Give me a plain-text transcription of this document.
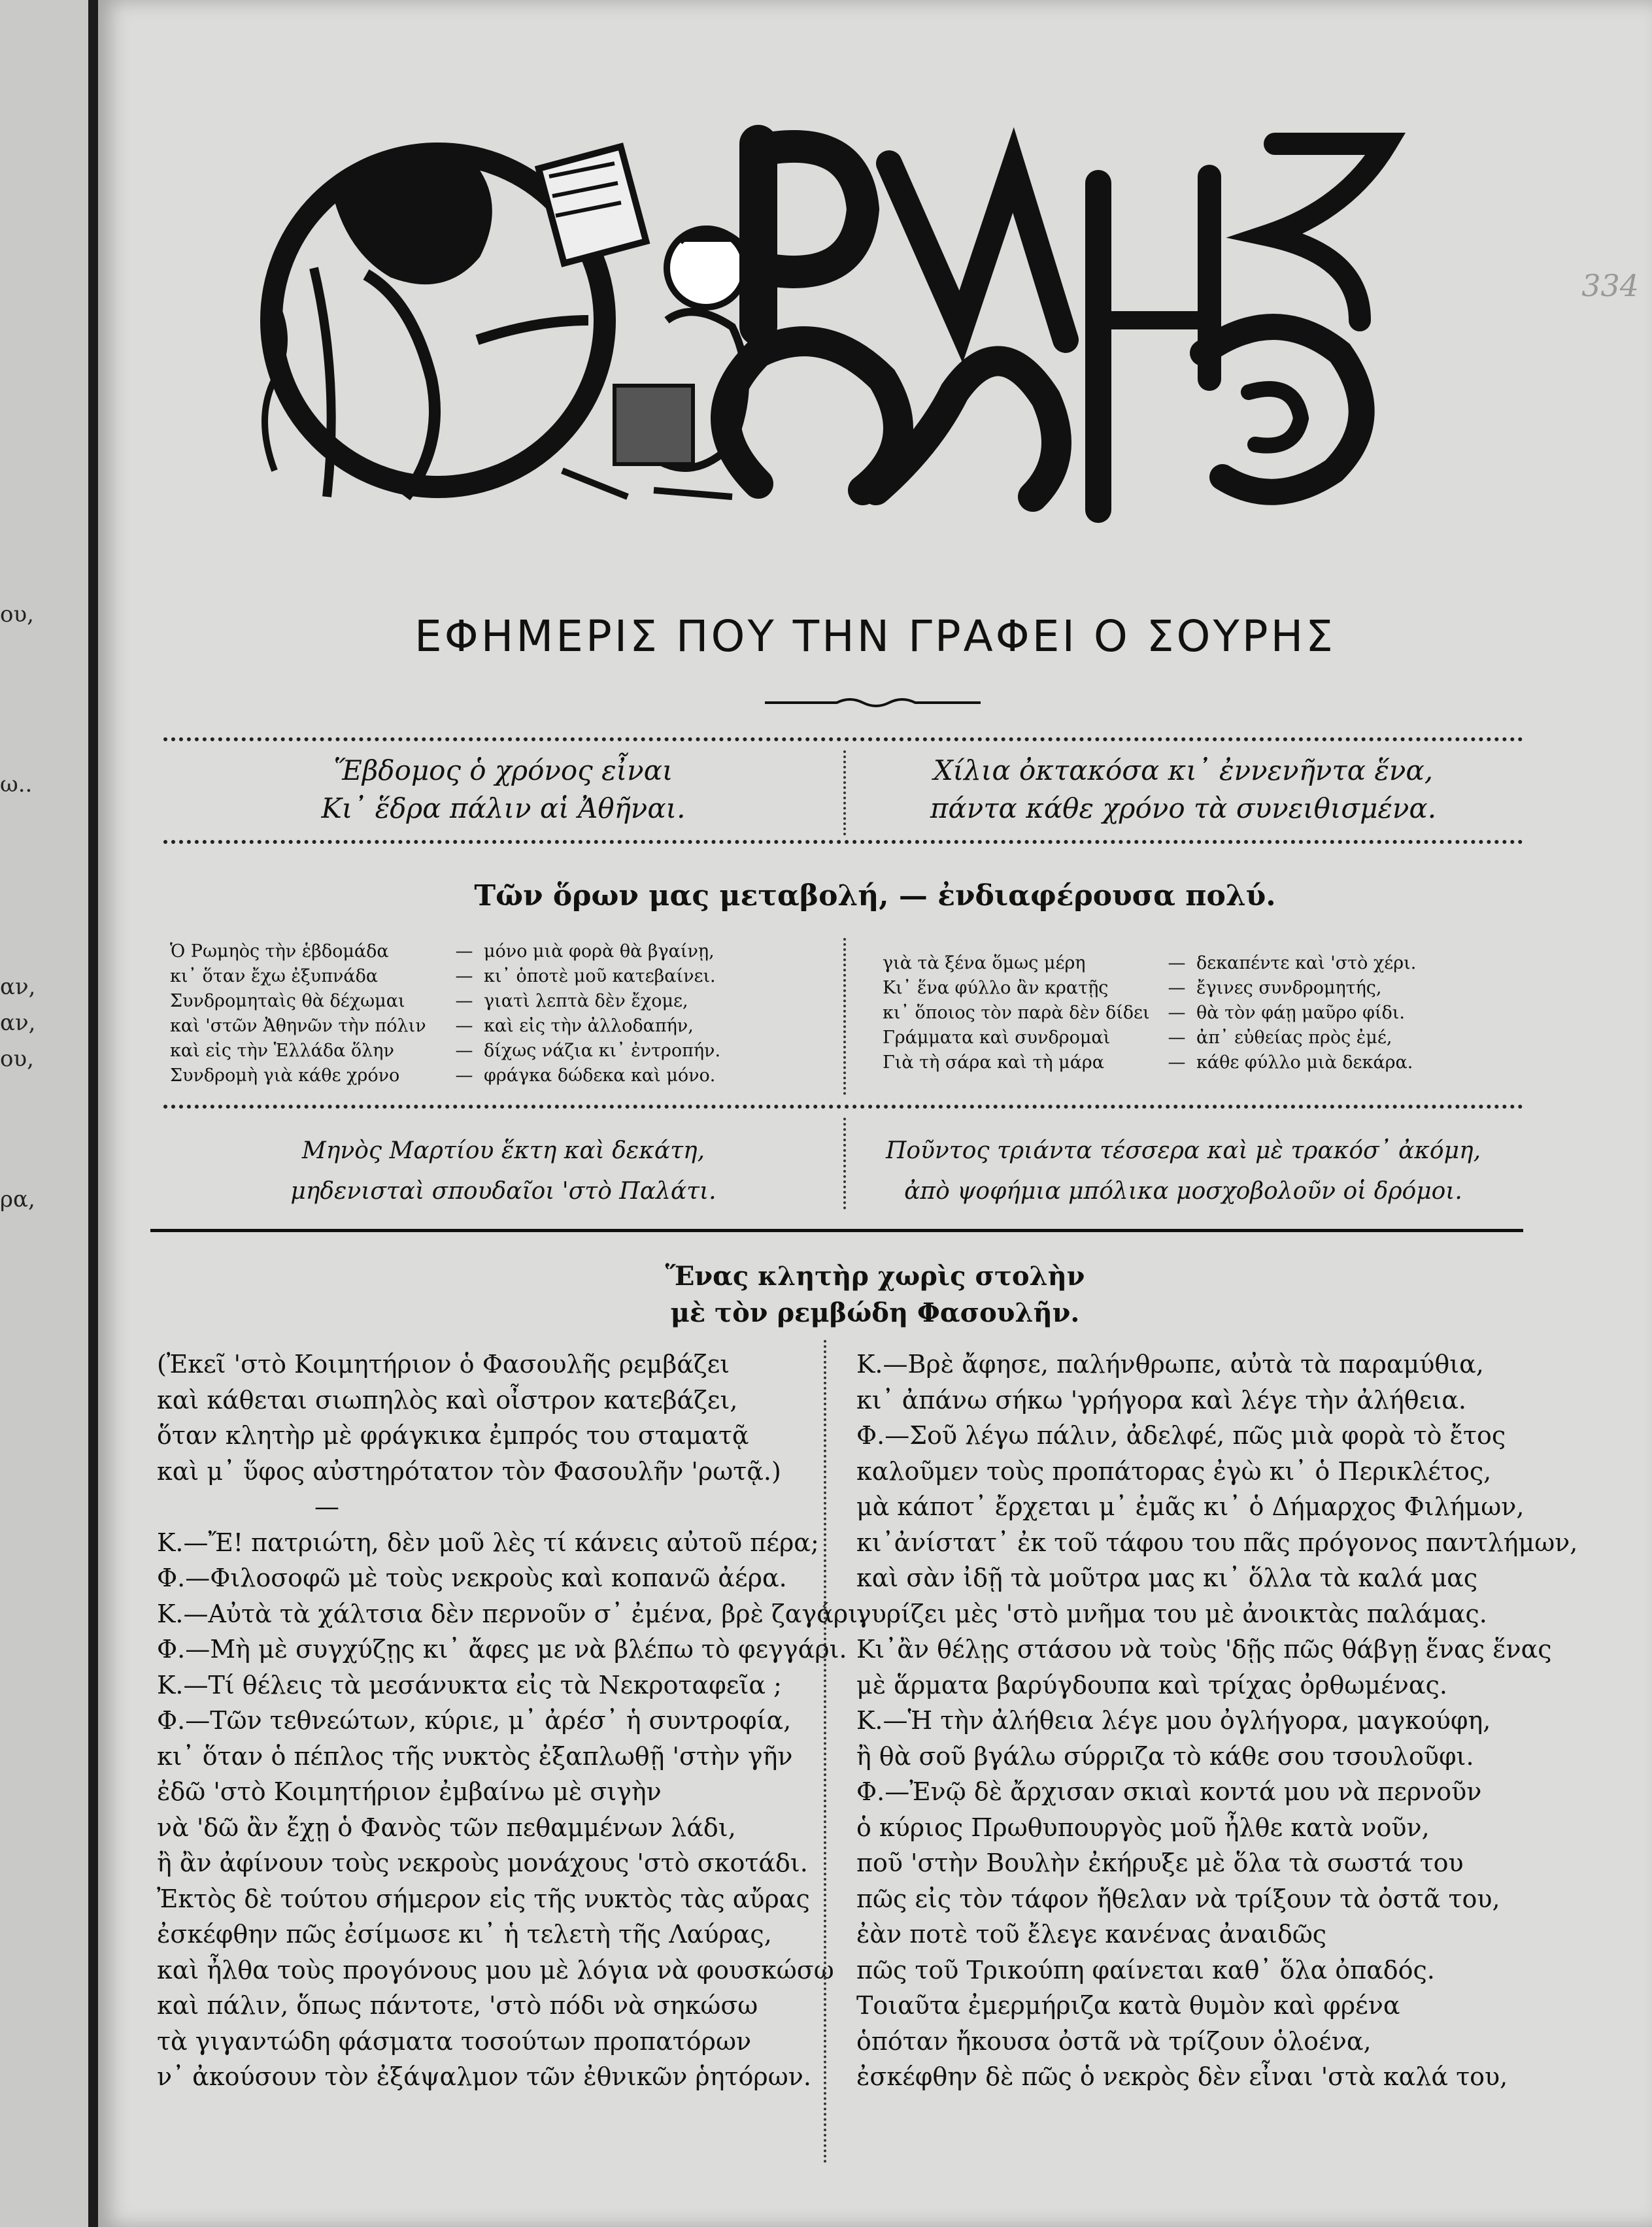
ου,
ω..
αν,
αν,
ου,
ρα,
334
ΕΦΗΜΕΡΙΣ ΠΟΥ ΤΗΝ ΓΡΑΦΕΙ Ο ΣΟΥΡΗΣ
Ἕβδομος ὁ χρόνος εἶναι
Κι᾽ ἕδρα πάλιν αἱ Ἀθῆναι.
Χίλια ὀκτακόσα κι᾽ ἐννενῆντα ἕνα,
πάντα κάθε χρόνο τὰ συνειθισμένα.
Τῶν ὅρων μας μεταβολή, — ἐνδιαφέρουσα πολύ.
Ὁ Ρωμηὸς τὴν ἑβδομάδα	— μόνο μιὰ φορὰ θὰ βγαίνῃ,
κι᾽ ὅταν ἔχω ἐξυπνάδα	— κι᾽ ὁποτὲ μοῦ κατεβαίνει.
Συνδρομηταὶς θὰ δέχωμαι	— γιατὶ λεπτὰ δὲν ἔχομε,
καὶ 'στῶν Ἀθηνῶν τὴν πόλιν	— καὶ εἰς τὴν ἀλλοδαπήν,
καὶ εἰς τὴν Ἑλλάδα ὅλην	— δίχως νάζια κι᾽ ἐντροπήν.
Συνδρομὴ γιὰ κάθε χρόνο	— φράγκα δώδεκα καὶ μόνο.
γιὰ τὰ ξένα ὅμως μέρη	— δεκαπέντε καὶ 'στὸ χέρι.
Κι᾽ ἕνα φύλλο ἂν κρατῇς	— ἔγινες συνδρομητής,
κι᾽ ὅποιος τὸν παρὰ δὲν δίδει	— θὰ τὸν φάῃ μαῦρο φίδι.
Γράμματα καὶ συνδρομαὶ	— ἀπ᾽ εὐθείας πρὸς ἐμέ,
Γιὰ τὴ σάρα καὶ τὴ μάρα	— κάθε φύλλο μιὰ δεκάρα.
Μηνὸς Μαρτίου ἕκτη καὶ δεκάτη,
μηδενισταὶ σπουδαῖοι 'στὸ Παλάτι.
Ποῦντος τριάντα τέσσερα καὶ μὲ τρακόσ᾽ ἀκόμη,
ἀπὸ ψοφήμια μπόλικα μοσχοβολοῦν οἱ δρόμοι.
Ἕνας κλητὴρ χωρὶς στολὴν
μὲ τὸν ρεμβώδη Φασουλῆν.
(Ἐκεῖ 'στὸ Κοιμητήριον ὁ Φασουλῆς ρεμβάζει
καὶ κάθεται σιωπηλὸς καὶ οἶστρον κατεβάζει,
ὅταν κλητὴρ μὲ φράγκικα ἐμπρός του σταματᾷ
καὶ μ᾽ ὕφος αὐστηρότατον τὸν Φασουλῆν 'ρωτᾷ.)
—
Κ.—Ἔ! πατριώτη, δὲν μοῦ λὲς τί κάνεις αὐτοῦ πέρα;
Φ.—Φιλοσοφῶ μὲ τοὺς νεκροὺς καὶ κοπανῶ ἀέρα.
Κ.—Αὐτὰ τὰ χάλτσια δὲν περνοῦν σ᾽ ἐμένα, βρὲ ζαγάρι.
Φ.—Μὴ μὲ συγχύζῃς κι᾽ ἄφες με νὰ βλέπω τὸ φεγγάρι.
Κ.—Τί θέλεις τὰ μεσάνυκτα εἰς τὰ Νεκροταφεῖα ;
Φ.—Τῶν τεθνεώτων, κύριε, μ᾽ ἀρέσ᾽ ἡ συντροφία,
κι᾽ ὅταν ὁ πέπλος τῆς νυκτὸς ἐξαπλωθῇ 'στὴν γῆν
ἐδῶ 'στὸ Κοιμητήριον ἐμβαίνω μὲ σιγὴν
νὰ 'δῶ ἂν ἔχῃ ὁ Φανὸς τῶν πεθαμμένων λάδι,
ἢ ἂν ἀφίνουν τοὺς νεκροὺς μονάχους 'στὸ σκοτάδι.
Ἐκτὸς δὲ τούτου σήμερον εἰς τῆς νυκτὸς τὰς αὔρας
ἐσκέφθην πῶς ἐσίμωσε κι᾽ ἡ τελετὴ τῆς Λαύρας,
καὶ ἦλθα τοὺς προγόνους μου μὲ λόγια νὰ φουσκώσω
καὶ πάλιν, ὅπως πάντοτε, 'στὸ πόδι νὰ σηκώσω
τὰ γιγαντώδη φάσματα τοσούτων προπατόρων
ν᾽ ἀκούσουν τὸν ἐξάψαλμον τῶν ἐθνικῶν ῥητόρων.
Κ.—Βρὲ ἄφησε, παλήνθρωπε, αὐτὰ τὰ παραμύθια,
κι᾽ ἀπάνω σήκω 'γρήγορα καὶ λέγε τὴν ἀλήθεια.
Φ.—Σοῦ λέγω πάλιν, ἀδελφέ, πῶς μιὰ φορὰ τὸ ἔτος
καλοῦμεν τοὺς προπάτορας ἐγὼ κι᾽ ὁ Περικλέτος,
μὰ κάποτ᾽ ἔρχεται μ᾽ ἐμᾶς κι᾽ ὁ Δήμαρχος Φιλήμων,
κι᾽ἀνίστατ᾽ ἐκ τοῦ τάφου του πᾶς πρόγονος παντλήμων,
καὶ σὰν ἰδῇ τὰ μοῦτρα μας κι᾽ ὅλλα τὰ καλά μας
γυρίζει μὲς 'στὸ μνῆμα του μὲ ἀνοικτὰς παλάμας.
Κι᾽ἂν θέλῃς στάσου νὰ τοὺς 'δῇς πῶς θάβγῃ ἕνας ἕνας
μὲ ἅρματα βαρύγδουπα καὶ τρίχας ὀρθωμένας.
Κ.—Ἡ τὴν ἀλήθεια λέγε μου ὀγλήγορα, μαγκούφη,
ἢ θὰ σοῦ βγάλω σύρριζα τὸ κάθε σου τσουλοῦφι.
Φ.—Ἐνῷ δὲ ἄρχισαν σκιαὶ κοντά μου νὰ περνοῦν
ὁ κύριος Πρωθυπουργὸς μοῦ ἦλθε κατὰ νοῦν,
ποῦ 'στὴν Βουλὴν ἐκήρυξε μὲ ὅλα τὰ σωστά του
πῶς εἰς τὸν τάφον ἤθελαν νὰ τρίξουν τὰ ὀστᾶ του,
ἐὰν ποτὲ τοῦ ἔλεγε κανένας ἀναιδῶς
πῶς τοῦ Τρικούπη φαίνεται καθ᾽ ὅλα ὀπαδός.
Τοιαῦτα ἐμερμήριζα κατὰ θυμὸν καὶ φρένα
ὁπόταν ἤκουσα ὀστᾶ νὰ τρίζουν ὁλοένα,
ἐσκέφθην δὲ πῶς ὁ νεκρὸς δὲν εἶναι 'στὰ καλά του,
